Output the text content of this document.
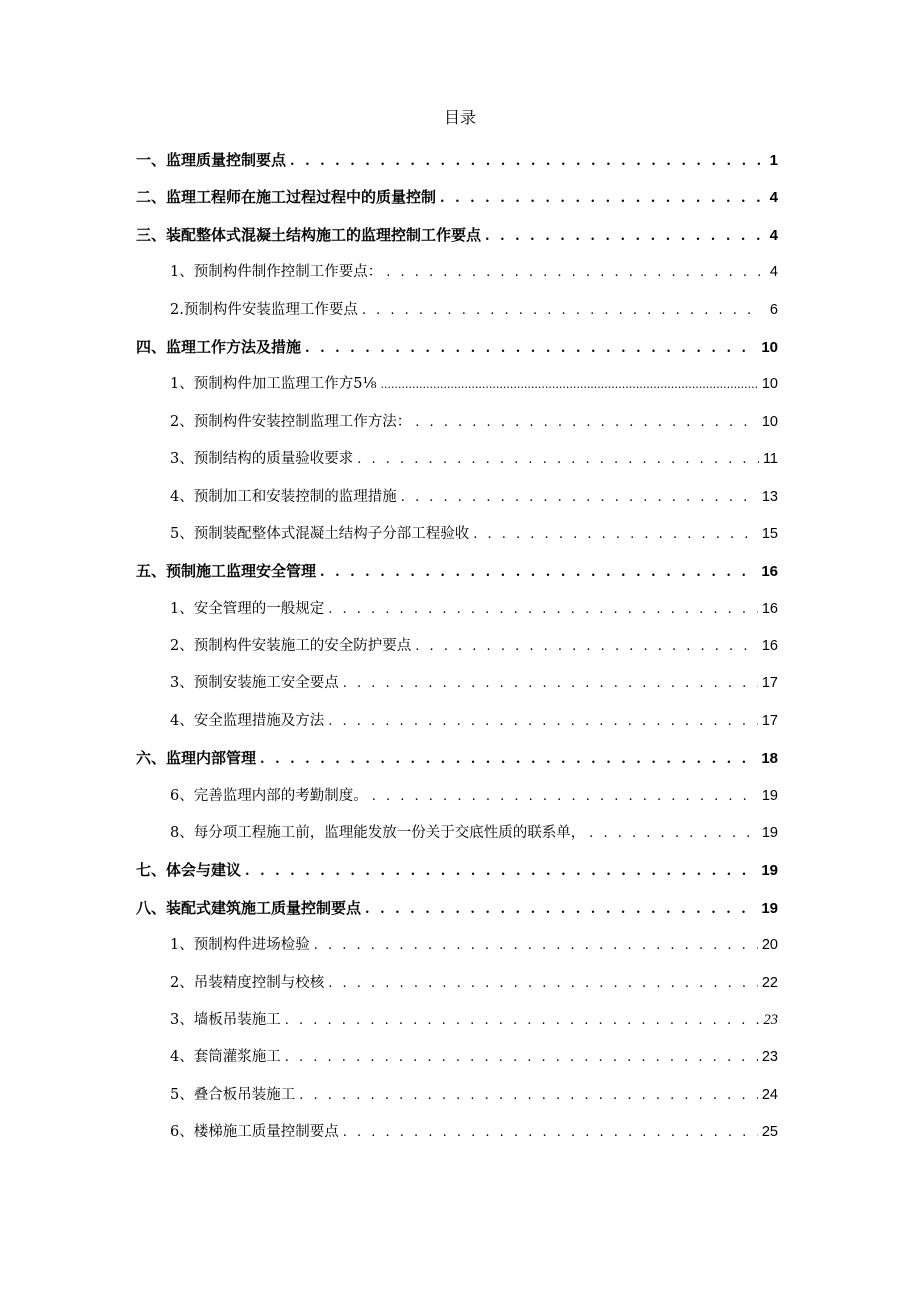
目录
一、监理质量控制要点 . . .	1
二、监理工程师在施工过程过程中的质量控制 . . .	4
三、装配整体式混凝土结构施工的监理控制工作要点 . . .	4
1、预制构件制作控制工作要点： . . .	4
2.预制构件安装监理工作要点 . . .	6
四、监理工作方法及措施 . . .	10
1、预制构件加工监理工作方5⅛ .....	10
2、预制构件安装控制监理工作方法： . . .	10
3、预制结构的质量验收要求 . . .	11
4、预制加工和安装控制的监理措施 . . .	13
5、预制装配整体式混凝土结构子分部工程验收 . . .	15
五、预制施工监理安全管理 . . .	16
1、安全管理的一般规定 . . .	16
2、预制构件安装施工的安全防护要点 . . .	16
3、预制安装施工安全要点 . . .	17
4、安全监理措施及方法 . . .	17
六、监理内部管理 . . .	18
6、完善监理内部的考勤制度。 . . .	19
8、每分项工程施工前，监理能发放一份关于交底性质的联系单， . . .	19
七、体会与建议 . . .	19
八、装配式建筑施工质量控制要点 . . .	19
1、预制构件进场检验 . . .	20
2、吊装精度控制与校核 . . .	22
3、墙板吊装施工 . . .	23
4、套筒灌浆施工 . . .	23
5、叠合板吊装施工 . . .	24
6、楼梯施工质量控制要点 . . .	25
